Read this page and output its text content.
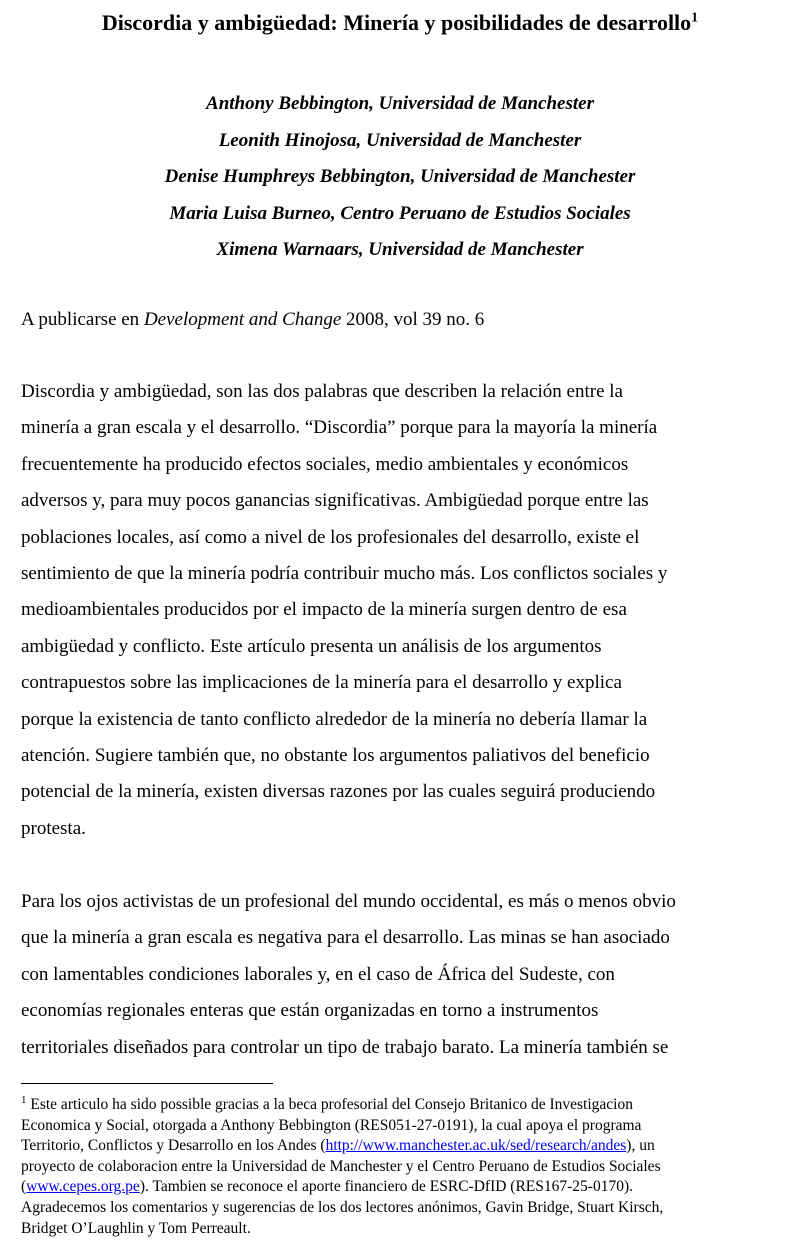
Discordia y ambigüedad: Minería y posibilidades de desarrollo$^1$
Anthony Bebbington, Universidad de Manchester
Leonith Hinojosa, Universidad de Manchester
Denise Humphreys Bebbington, Universidad de Manchester
Maria Luisa Burneo, Centro Peruano de Estudios Sociales
Ximena Warnaars, Universidad de Manchester
A publicarse en Development and Change 2008, vol 39 no. 6
Discordia y ambigüedad, son las dos palabras que describen la relación entre la
minería a gran escala y el desarrollo. “Discordia” porque para la mayoría la minería
frecuentemente ha producido efectos sociales, medio ambientales y económicos
adversos y, para muy pocos ganancias significativas. Ambigüedad porque entre las
poblaciones locales, así como a nivel de los profesionales del desarrollo, existe el
sentimiento de que la minería podría contribuir mucho más. Los conflictos sociales y
medioambientales producidos por el impacto de la minería surgen dentro de esa
ambigüedad y conflicto. Este artículo presenta un análisis de los argumentos
contrapuestos sobre las implicaciones de la minería para el desarrollo y explica
porque la existencia de tanto conflicto alrededor de la minería no debería llamar la
atención. Sugiere también que, no obstante los argumentos paliativos del beneficio
potencial de la minería, existen diversas razones por las cuales seguirá produciendo
protesta.
Para los ojos activistas de un profesional del mundo occidental, es más o menos obvio
que la minería a gran escala es negativa para el desarrollo. Las minas se han asociado
con lamentables condiciones laborales y, en el caso de África del Sudeste, con
economías regionales enteras que están organizadas en torno a instrumentos
territoriales diseñados para controlar un tipo de trabajo barato. La minería también se
$^1$ Este articulo ha sido possible gracias a la beca profesorial del Consejo Britanico de Investigacion
Economica y Social, otorgada a Anthony Bebbington (RES051-27-0191), la cual apoya el programa
Territorio, Conflictos y Desarrollo en los Andes (http://www.manchester.ac.uk/sed/research/andes), un
proyecto de colaboracion entre la Universidad de Manchester y el Centro Peruano de Estudios Sociales
(www.cepes.org.pe). Tambien se reconoce el aporte financiero de ESRC-DfID (RES167-25-0170).
Agradecemos los comentarios y sugerencias de los dos lectores anónimos, Gavin Bridge, Stuart Kirsch,
Bridget O’Laughlin y Tom Perreault.
